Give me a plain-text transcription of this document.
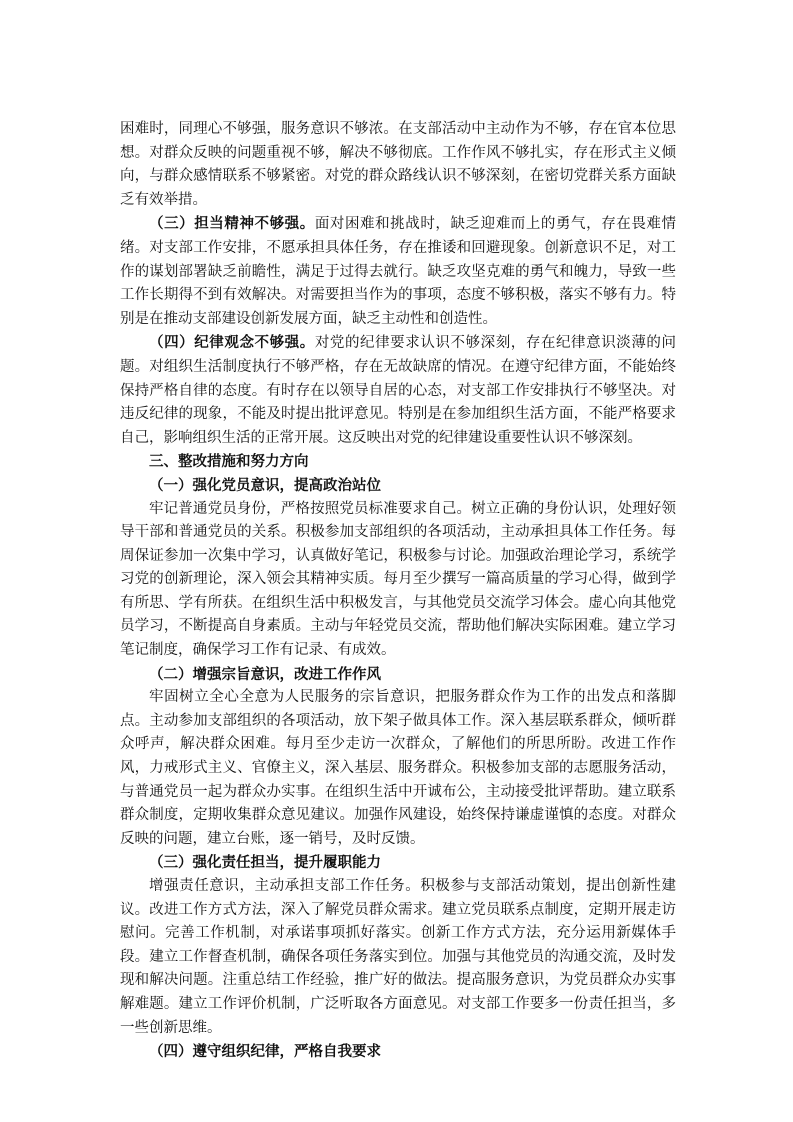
困难时，同理心不够强，服务意识不够浓。在支部活动中主动作为不够，存在官本位思想。对群众反映的问题重视不够，解决不够彻底。工作作风不够扎实，存在形式主义倾向，与群众感情联系不够紧密。对党的群众路线认识不够深刻，在密切党群关系方面缺乏有效举措。

（三）担当精神不够强。面对困难和挑战时，缺乏迎难而上的勇气，存在畏难情绪。对支部工作安排，不愿承担具体任务，存在推诿和回避现象。创新意识不足，对工作的谋划部署缺乏前瞻性，满足于过得去就行。缺乏攻坚克难的勇气和魄力，导致一些工作长期得不到有效解决。对需要担当作为的事项，态度不够积极，落实不够有力。特别是在推动支部建设创新发展方面，缺乏主动性和创造性。

（四）纪律观念不够强。对党的纪律要求认识不够深刻，存在纪律意识淡薄的问题。对组织生活制度执行不够严格，存在无故缺席的情况。在遵守纪律方面，不能始终保持严格自律的态度。有时存在以领导自居的心态，对支部工作安排执行不够坚决。对违反纪律的现象，不能及时提出批评意见。特别是在参加组织生活方面，不能严格要求自己，影响组织生活的正常开展。这反映出对党的纪律建设重要性认识不够深刻。

三、整改措施和努力方向

（一）强化党员意识，提高政治站位

牢记普通党员身份，严格按照党员标准要求自己。树立正确的身份认识，处理好领导干部和普通党员的关系。积极参加支部组织的各项活动，主动承担具体工作任务。每周保证参加一次集中学习，认真做好笔记，积极参与讨论。加强政治理论学习，系统学习党的创新理论，深入领会其精神实质。每月至少撰写一篇高质量的学习心得，做到学有所思、学有所获。在组织生活中积极发言，与其他党员交流学习体会。虚心向其他党员学习，不断提高自身素质。主动与年轻党员交流，帮助他们解决实际困难。建立学习笔记制度，确保学习工作有记录、有成效。

（二）增强宗旨意识，改进工作作风

牢固树立全心全意为人民服务的宗旨意识，把服务群众作为工作的出发点和落脚点。主动参加支部组织的各项活动，放下架子做具体工作。深入基层联系群众，倾听群众呼声，解决群众困难。每月至少走访一次群众，了解他们的所思所盼。改进工作作风，力戒形式主义、官僚主义，深入基层、服务群众。积极参加支部的志愿服务活动，与普通党员一起为群众办实事。在组织生活中开诚布公，主动接受批评帮助。建立联系群众制度，定期收集群众意见建议。加强作风建设，始终保持谦虚谨慎的态度。对群众反映的问题，建立台账，逐一销号，及时反馈。

（三）强化责任担当，提升履职能力

增强责任意识，主动承担支部工作任务。积极参与支部活动策划，提出创新性建议。改进工作方式方法，深入了解党员群众需求。建立党员联系点制度，定期开展走访慰问。完善工作机制，对承诺事项抓好落实。创新工作方式方法，充分运用新媒体手段。建立工作督查机制，确保各项任务落实到位。加强与其他党员的沟通交流，及时发现和解决问题。注重总结工作经验，推广好的做法。提高服务意识，为党员群众办实事解难题。建立工作评价机制，广泛听取各方面意见。对支部工作要多一份责任担当，多一些创新思维。

（四）遵守组织纪律，严格自我要求
